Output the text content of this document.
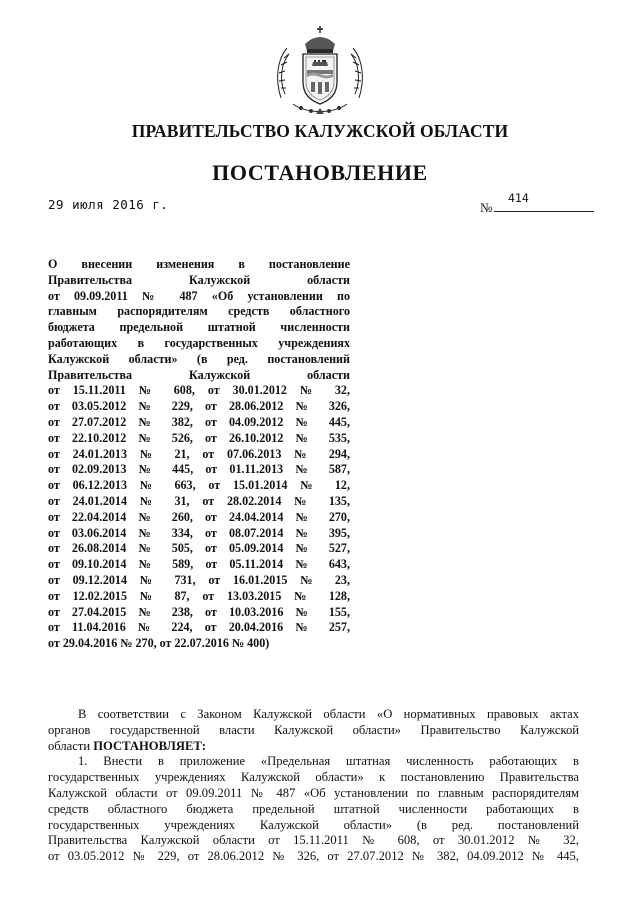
ПРАВИТЕЛЬСТВО КАЛУЖСКОЙ ОБЛАСТИ
ПОСТАНОВЛЕНИЕ
29 июля 2016 г.	№
414
О внесении изменения в постановление
Правительства Калужской области
от 09.09.2011 № 487 «Об установлении по
главным распорядителям средств областного
бюджета предельной штатной численности
работающих в государственных учреждениях
Калужской области» (в ред. постановлений
Правительства Калужской области
от 15.11.2011 № 608, от 30.01.2012 № 32,
от 03.05.2012 № 229, от 28.06.2012 № 326,
от 27.07.2012 № 382, от 04.09.2012 № 445,
от 22.10.2012 № 526, от 26.10.2012 № 535,
от 24.01.2013 № 21, от 07.06.2013 № 294,
от 02.09.2013 № 445, от 01.11.2013 № 587,
от 06.12.2013 № 663, от 15.01.2014 № 12,
от 24.01.2014 № 31, от 28.02.2014 № 135,
от 22.04.2014 № 260, от 24.04.2014 № 270,
от 03.06.2014 № 334, от 08.07.2014 № 395,
от 26.08.2014 № 505, от 05.09.2014 № 527,
от 09.10.2014 № 589, от 05.11.2014 № 643,
от 09.12.2014 № 731, от 16.01.2015 № 23,
от 12.02.2015 № 87, от 13.03.2015 № 128,
от 27.04.2015 № 238, от 10.03.2016 № 155,
от 11.04.2016 № 224, от 20.04.2016 № 257,
от 29.04.2016 № 270, от 22.07.2016 № 400)
В соответствии с Законом Калужской области «О нормативных правовых актах
органов государственной власти Калужской области» Правительство Калужской
области ПОСТАНОВЛЯЕТ:
1. Внести в приложение «Предельная штатная численность работающих в
государственных учреждениях Калужской области» к постановлению Правительства
Калужской области от 09.09.2011 № 487 «Об установлении по главным распорядителям
средств областного бюджета предельной штатной численности работающих в
государственных учреждениях Калужской области» (в ред. постановлений
Правительства Калужской области от 15.11.2011 № 608, от 30.01.2012 № 32,
от 03.05.2012 № 229, от 28.06.2012 № 326, от 27.07.2012 № 382, 04.09.2012 № 445,
